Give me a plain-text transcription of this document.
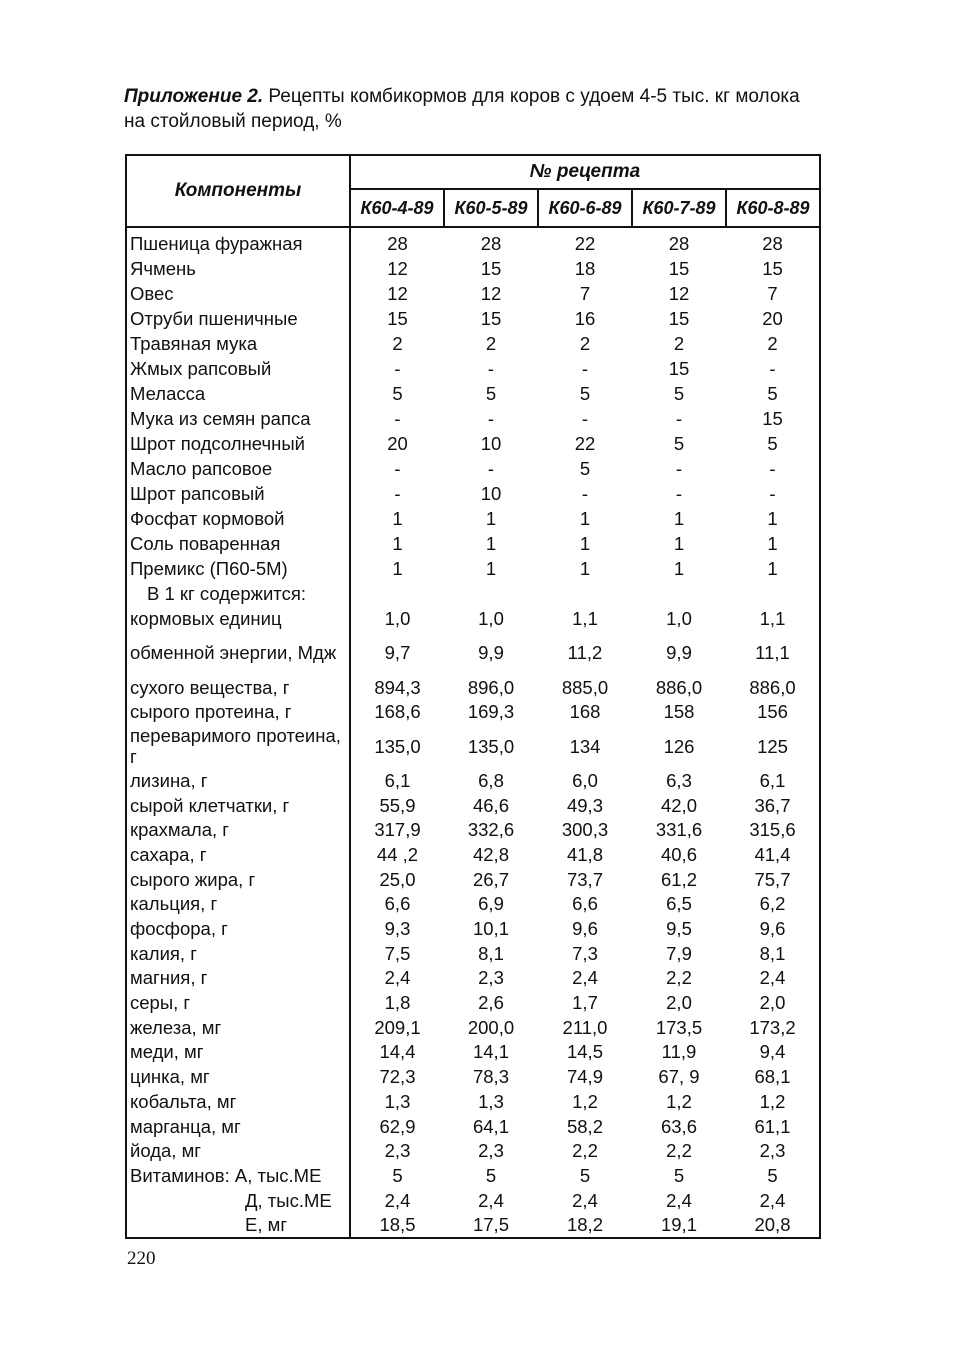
Приложение 2. Рецепты комбикормов для коров с удоем 4-5 тыс. кг молока на стойловый период, %
Компоненты	№ рецепта				
	К60-4-89	К60-5-89	К60-6-89	К60-7-89	К60-8-89
Пшеница фуражная	28	28	22	28	28
Ячмень	12	15	18	15	15
Овес	12	12	7	12	7
Отруби пшеничные	15	15	16	15	20
Травяная мука	2	2	2	2	2
Жмых рапсовый	-	-	-	15	-
Меласса	5	5	5	5	5
Мука из семян рапса	-	-	-	-	15
Шрот подсолнечный	20	10	22	5	5
Масло рапсовое	-	-	5	-	-
Шрот рапсовый	-	10	-	-	-
Фосфат кормовой	1	1	1	1	1
Соль поваренная	1	1	1	1	1
Премикс (П60-5М)	1	1	1	1	1
В 1 кг содержится:					
кормовых единиц	1,0	1,0	1,1	1,0	1,1
обменной энергии, Мдж	9,7	9,9	11,2	9,9	11,1
сухого вещества, г	894,3	896,0	885,0	886,0	886,0
сырого протеина, г	168,6	169,3	168	158	156
переваримого протеина, г	135,0	135,0	134	126	125
лизина, г	6,1	6,8	6,0	6,3	6,1
сырой клетчатки, г	55,9	46,6	49,3	42,0	36,7
крахмала, г	317,9	332,6	300,3	331,6	315,6
сахара, г	44 ,2	42,8	41,8	40,6	41,4
сырого жира, г	25,0	26,7	73,7	61,2	75,7
кальция, г	6,6	6,9	6,6	6,5	6,2
фосфора, г	9,3	10,1	9,6	9,5	9,6
калия, г	7,5	8,1	7,3	7,9	8,1
магния, г	2,4	2,3	2,4	2,2	2,4
серы, г	1,8	2,6	1,7	2,0	2,0
железа, мг	209,1	200,0	211,0	173,5	173,2
меди, мг	14,4	14,1	14,5	11,9	9,4
цинка, мг	72,3	78,3	74,9	67, 9	68,1
кобальта, мг	1,3	1,3	1,2	1,2	1,2
марганца, мг	62,9	64,1	58,2	63,6	61,1
йода, мг	2,3	2,3	2,2	2,2	2,3
Витаминов: А, тыс.МЕ	5	5	5	5	5
Д, тыс.МЕ	2,4	2,4	2,4	2,4	2,4
Е, мг	18,5	17,5	18,2	19,1	20,8
220
